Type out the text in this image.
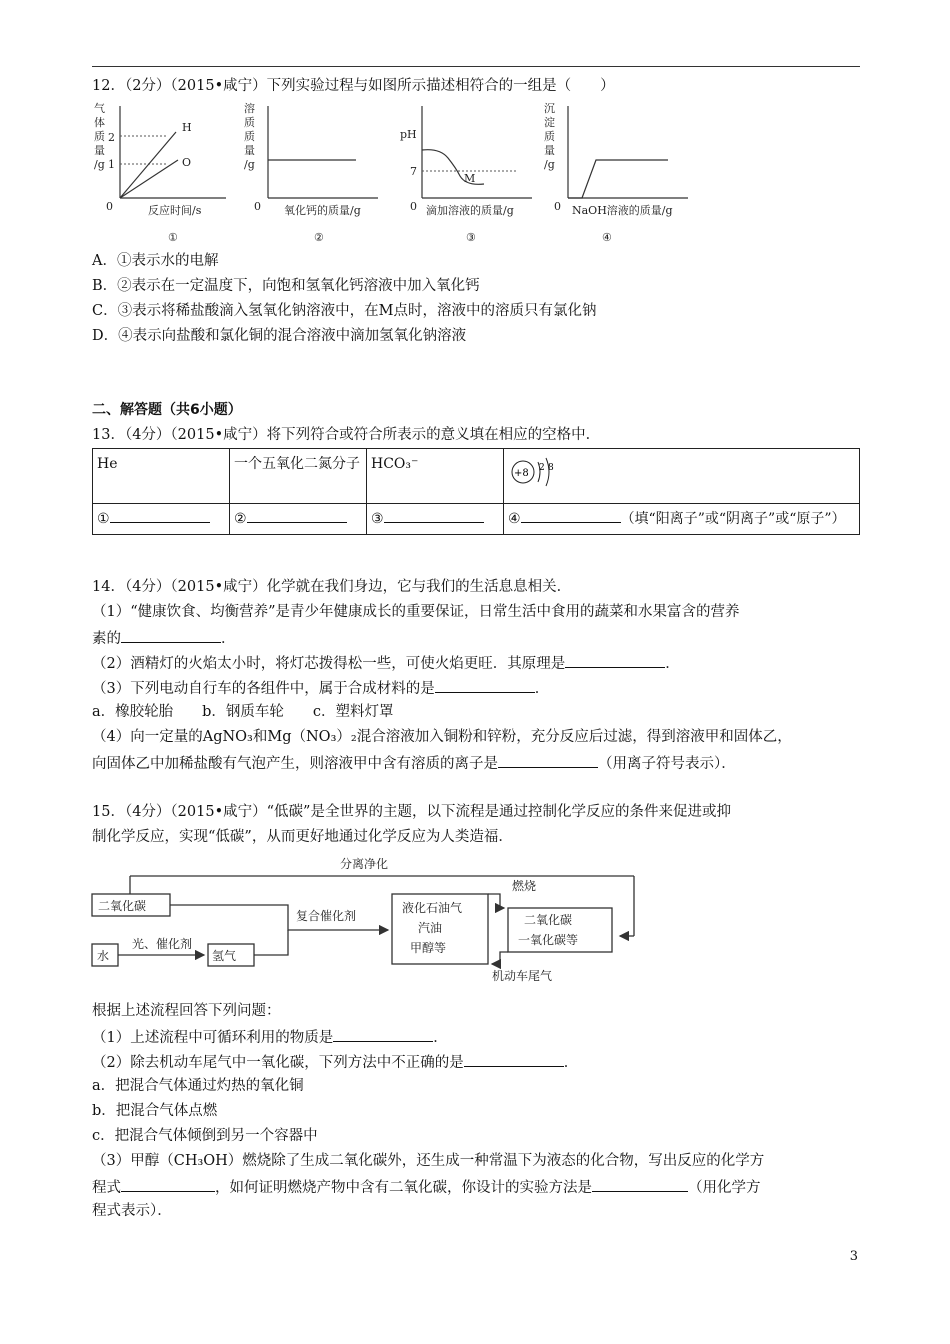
12．（2分）（2015•咸宁）下列实验过程与如图所示描述相符合的一组是（　　）
气
体
质
量
/g
2
1
H
O
0	反应时间/s
①
溶
质
质
量
/g
0 氧化钙的质量/g
②
pH
7
M
0 滴加溶液的质量/g
③
沉
淀
质
量
/g
0 NaOH溶液的质量/g
④
A．①表示水的电解
B．②表示在一定温度下，向饱和氢氧化钙溶液中加入氧化钙
C．③表示将稀盐酸滴入氢氧化钠溶液中，在M点时，溶液中的溶质只有氯化钠
D．④表示向盐酸和氯化铜的混合溶液中滴加氢氧化钠溶液
二、解答题（共6小题）
13．（4分）（2015•咸宁）将下列符合或符合所表示的意义填在相应的空格中．
He	一个五氧化二氮分子	HCO₃⁻	+8 2 8

①	②	③	④ （填“阳离子”或“阴离子”或“原子”）
14．（4分）（2015•咸宁）化学就在我们身边，它与我们的生活息息相关．
（1）“健康饮食、均衡营养”是青少年健康成长的重要保证，日常生活中食用的蔬菜和水果富含的营养
素的	．
（2）酒精灯的火焰太小时，将灯芯拨得松一些，可使火焰更旺．其原理是	．
（3）下列电动自行车的各组件中，属于合成材料的是	．
a．橡胶轮胎　　b．钢质车轮　　c．塑料灯罩
（4）向一定量的AgNO₃和Mg（NO₃）₂混合溶液加入铜粉和锌粉，充分反应后过滤，得到溶液甲和固体乙，
向固体乙中加稀盐酸有气泡产生，则溶液甲中含有溶质的离子是	（用离子符号表示）．
15．（4分）（2015•咸宁）“低碳”是全世界的主题，以下流程是通过控制化学反应的条件来促进或抑
制化学反应，实现“低碳”，从而更好地通过化学反应为人类造福．
分离净化
二氧化碳
水
光、催化剂
氢气
复合催化剂
液化石油气
汽油
甲醇等
燃烧
二氧化碳
一氧化碳等
机动车尾气
根据上述流程回答下列问题：
（1）上述流程中可循环利用的物质是	．
（2）除去机动车尾气中一氧化碳，下列方法中不正确的是	．
a．把混合气体通过灼热的氧化铜
b．把混合气体点燃
c．把混合气体倾倒到另一个容器中
（3）甲醇（CH₃OH）燃烧除了生成二氧化碳外，还生成一种常温下为液态的化合物，写出反应的化学方
程式	，如何证明燃烧产物中含有二氧化碳，你设计的实验方法是	（用化学方
程式表示）．
3
